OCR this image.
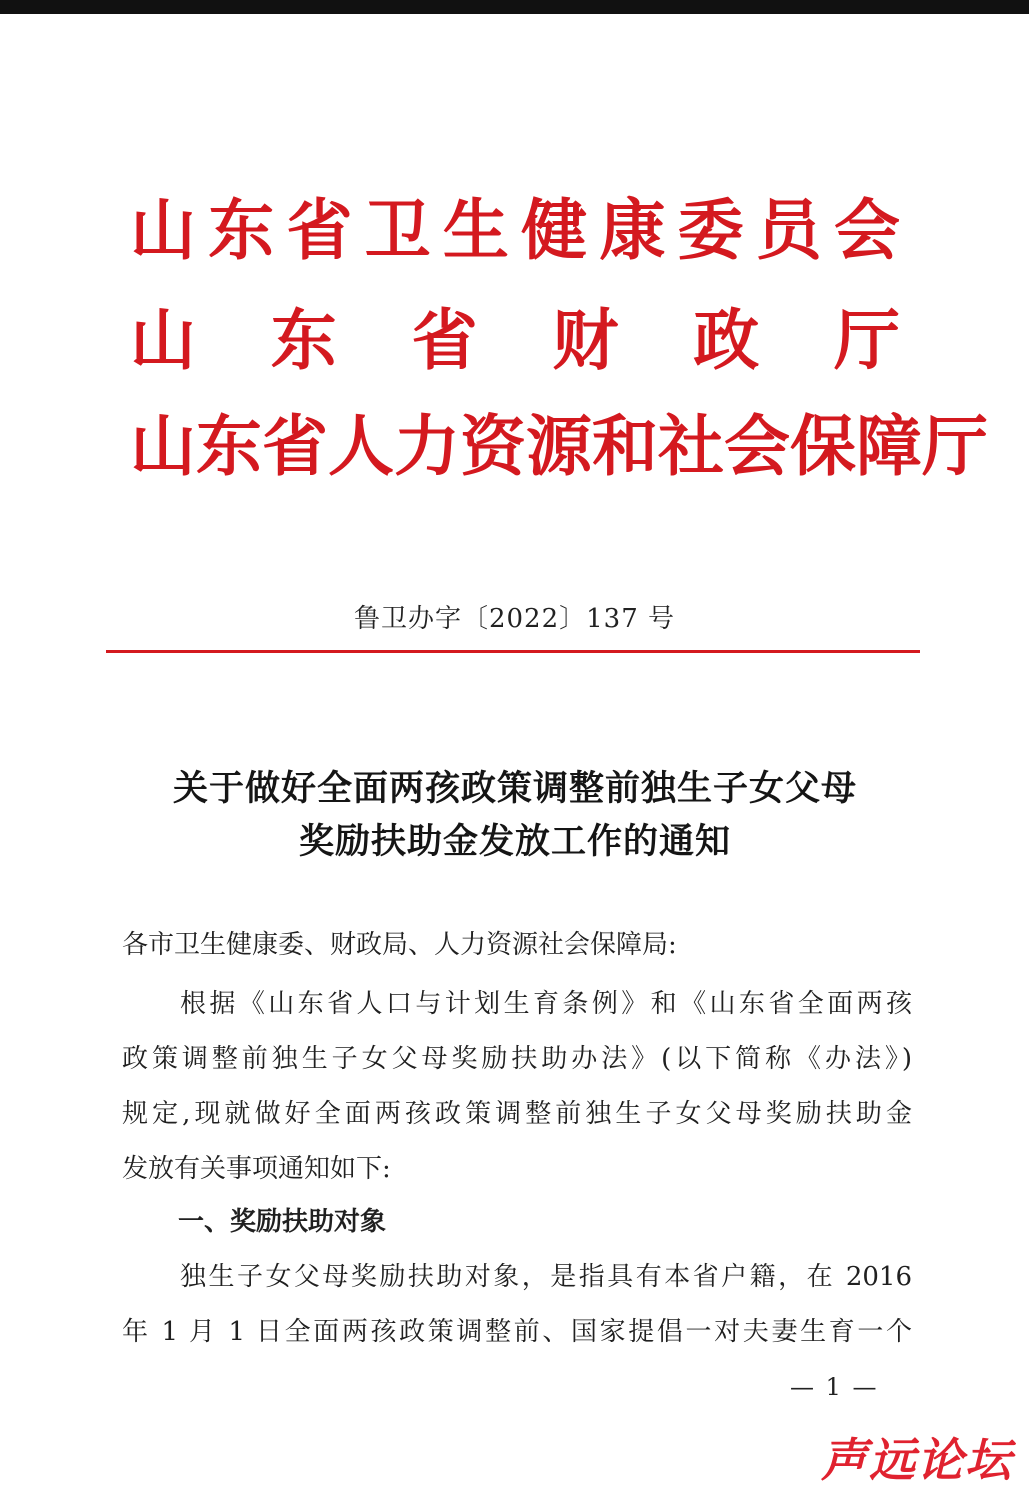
山 东 省 卫 生 健 康 委 员 会
山 东 省 财 政 厅
山 东 省 人 力 资 源 和 社 会 保 障 厅
鲁卫办字〔2022〕137 号
关于做好全面两孩政策调整前独生子女父母
奖励扶助金发放工作的通知
各市卫生健康委、财政局、人力资源社会保障局:
根据《山东省人口与计划生育条例》和《山东省全面两孩
政策调整前独生子女父母奖励扶助办法》(以下简称《办法》)
规定,现就做好全面两孩政策调整前独生子女父母奖励扶助金
发放有关事项通知如下:
一、奖励扶助对象
独生子女父母奖励扶助对象，是指具有本省户籍，在 2016
年 1 月 1 日全面两孩政策调整前、国家提倡一对夫妻生育一个
— 1 —
声远论坛
